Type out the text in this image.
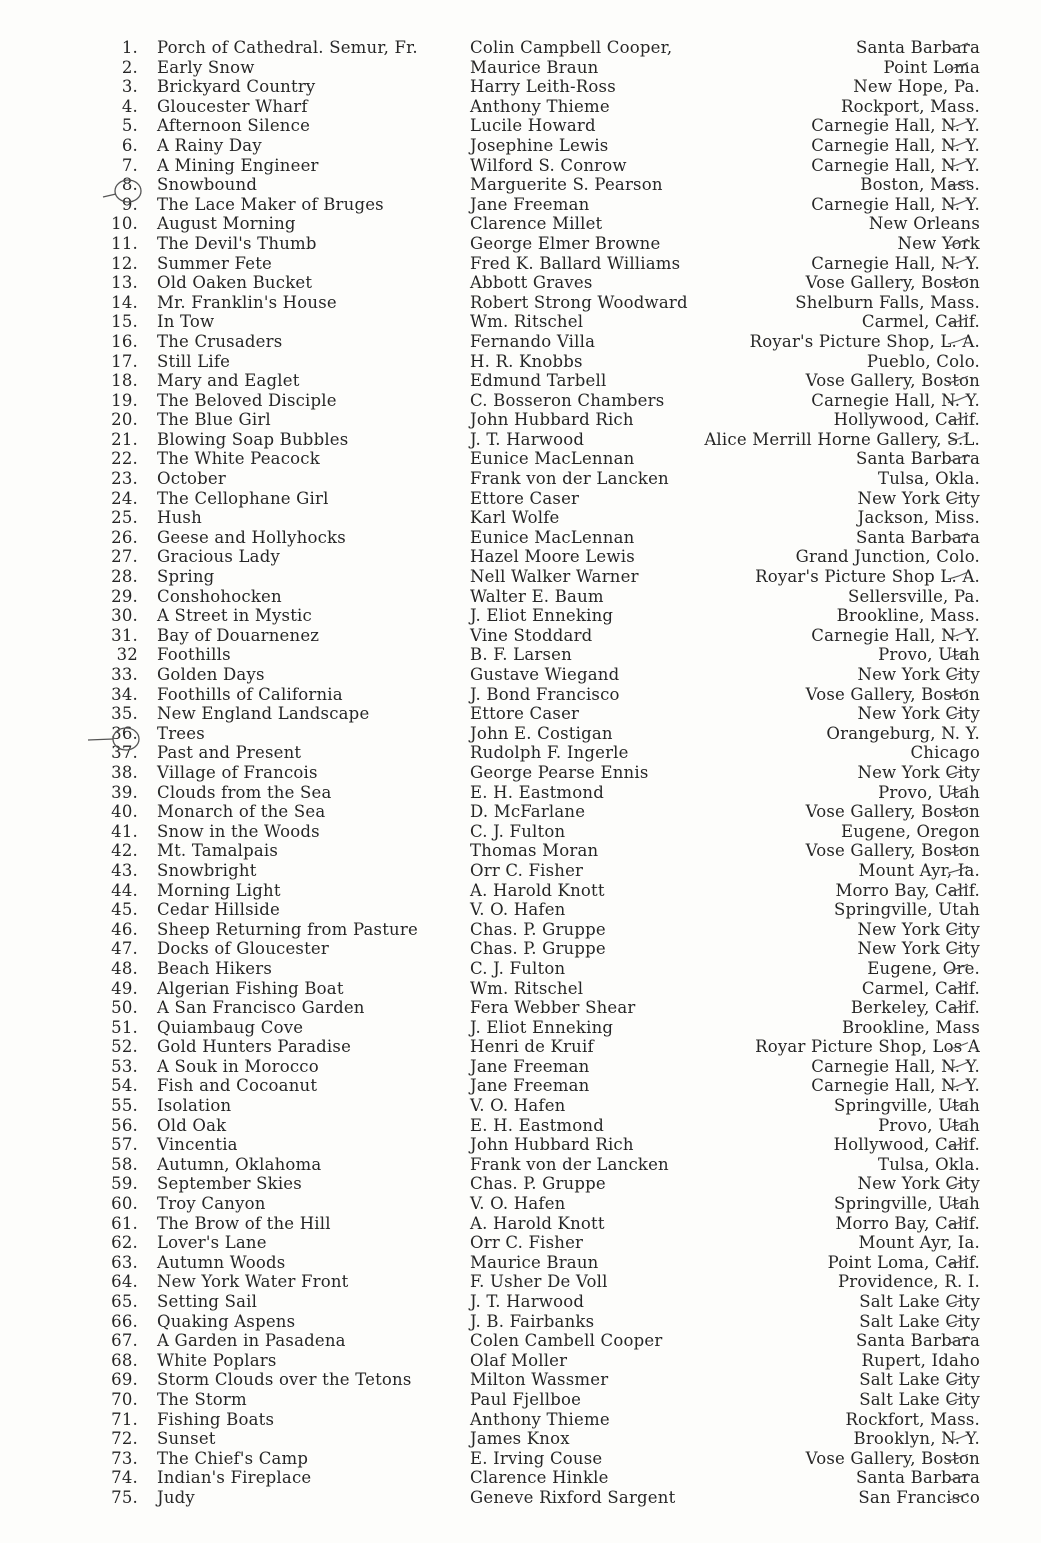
1. Porch of Cathedral. Semur, Fr.	Colin Campbell Cooper,	Santa Barbara
2. Early Snow	Maurice Braun	Point Loma
3. Brickyard Country	Harry Leith-Ross	New Hope, Pa.
4. Gloucester Wharf	Anthony Thieme	Rockport, Mass.
5. Afternoon Silence	Lucile Howard	Carnegie Hall, N. Y.
6. A Rainy Day	Josephine Lewis	Carnegie Hall, N. Y.
7. A Mining Engineer	Wilford S. Conrow	Carnegie Hall, N. Y.
8. Snowbound	Marguerite S. Pearson	Boston, Mass.
9. The Lace Maker of Bruges	Jane Freeman	Carnegie Hall, N. Y.
10. August Morning	Clarence Millet	New Orleans
11. The Devil's Thumb	George Elmer Browne	New York
12. Summer Fete	Fred K. Ballard Williams	Carnegie Hall, N. Y.
13. Old Oaken Bucket	Abbott Graves	Vose Gallery, Boston
14. Mr. Franklin's House	Robert Strong Woodward	Shelburn Falls, Mass.
15. In Tow	Wm. Ritschel	Carmel, Calif.
16. The Crusaders	Fernando Villa	Royar's Picture Shop, L. A.
17. Still Life	H. R. Knobbs	Pueblo, Colo.
18. Mary and Eaglet	Edmund Tarbell	Vose Gallery, Boston
19. The Beloved Disciple	C. Bosseron Chambers	Carnegie Hall, N. Y.
20. The Blue Girl	John Hubbard Rich	Hollywood, Calif.
21. Blowing Soap Bubbles	J. T. Harwood	Alice Merrill Horne Gallery, S.L.
22. The White Peacock	Eunice MacLennan	Santa Barbara
23. October	Frank von der Lancken	Tulsa, Okla.
24. The Cellophane Girl	Ettore Caser	New York City
25. Hush	Karl Wolfe	Jackson, Miss.
26. Geese and Hollyhocks	Eunice MacLennan	Santa Barbara
27. Gracious Lady	Hazel Moore Lewis	Grand Junction, Colo.
28. Spring	Nell Walker Warner	Royar's Picture Shop L. A.
29. Conshohocken	Walter E. Baum	Sellersville, Pa.
30. A Street in Mystic	J. Eliot Enneking	Brookline, Mass.
31. Bay of Douarnenez	Vine Stoddard	Carnegie Hall, N. Y.
32 Foothills	B. F. Larsen	Provo, Utah
33. Golden Days	Gustave Wiegand	New York City
34. Foothills of California	J. Bond Francisco	Vose Gallery, Boston
35. New England Landscape	Ettore Caser	New York City
36. Trees	John E. Costigan	Orangeburg, N. Y.
37. Past and Present	Rudolph F. Ingerle	Chicago
38. Village of Francois	George Pearse Ennis	New York City
39. Clouds from the Sea	E. H. Eastmond	Provo, Utah
40. Monarch of the Sea	D. McFarlane	Vose Gallery, Boston
41. Snow in the Woods	C. J. Fulton	Eugene, Oregon
42. Mt. Tamalpais	Thomas Moran	Vose Gallery, Boston
43. Snowbright	Orr C. Fisher	Mount Ayr, Ia.
44. Morning Light	A. Harold Knott	Morro Bay, Calif.
45. Cedar Hillside	V. O. Hafen	Springville, Utah
46. Sheep Returning from Pasture	Chas. P. Gruppe	New York City
47. Docks of Gloucester	Chas. P. Gruppe	New York City
48. Beach Hikers	C. J. Fulton	Eugene, Ore.
49. Algerian Fishing Boat	Wm. Ritschel	Carmel, Calif.
50. A San Francisco Garden	Fera Webber Shear	Berkeley, Calif.
51. Quiambaug Cove	J. Eliot Enneking	Brookline, Mass
52. Gold Hunters Paradise	Henri de Kruif	Royar Picture Shop, Los A
53. A Souk in Morocco	Jane Freeman	Carnegie Hall, N. Y.
54. Fish and Cocoanut	Jane Freeman	Carnegie Hall, N. Y.
55. Isolation	V. O. Hafen	Springville, Utah
56. Old Oak	E. H. Eastmond	Provo, Utah
57. Vincentia	John Hubbard Rich	Hollywood, Calif.
58. Autumn, Oklahoma	Frank von der Lancken	Tulsa, Okla.
59. September Skies	Chas. P. Gruppe	New York City
60. Troy Canyon	V. O. Hafen	Springville, Utah
61. The Brow of the Hill	A. Harold Knott	Morro Bay, Calif.
62. Lover's Lane	Orr C. Fisher	Mount Ayr, Ia.
63. Autumn Woods	Maurice Braun	Point Loma, Calif.
64. New York Water Front	F. Usher De Voll	Providence, R. I.
65. Setting Sail	J. T. Harwood	Salt Lake City
66. Quaking Aspens	J. B. Fairbanks	Salt Lake City
67. A Garden in Pasadena	Colen Cambell Cooper	Santa Barbara
68. White Poplars	Olaf Moller	Rupert, Idaho
69. Storm Clouds over the Tetons	Milton Wassmer	Salt Lake City
70. The Storm	Paul Fjellboe	Salt Lake City
71. Fishing Boats	Anthony Thieme	Rockfort, Mass.
72. Sunset	James Knox	Brooklyn, N. Y.
73. The Chief's Camp	E. Irving Couse	Vose Gallery, Boston
74. Indian's Fireplace	Clarence Hinkle	Santa Barbara
75. Judy	Geneve Rixford Sargent	San Francisco
